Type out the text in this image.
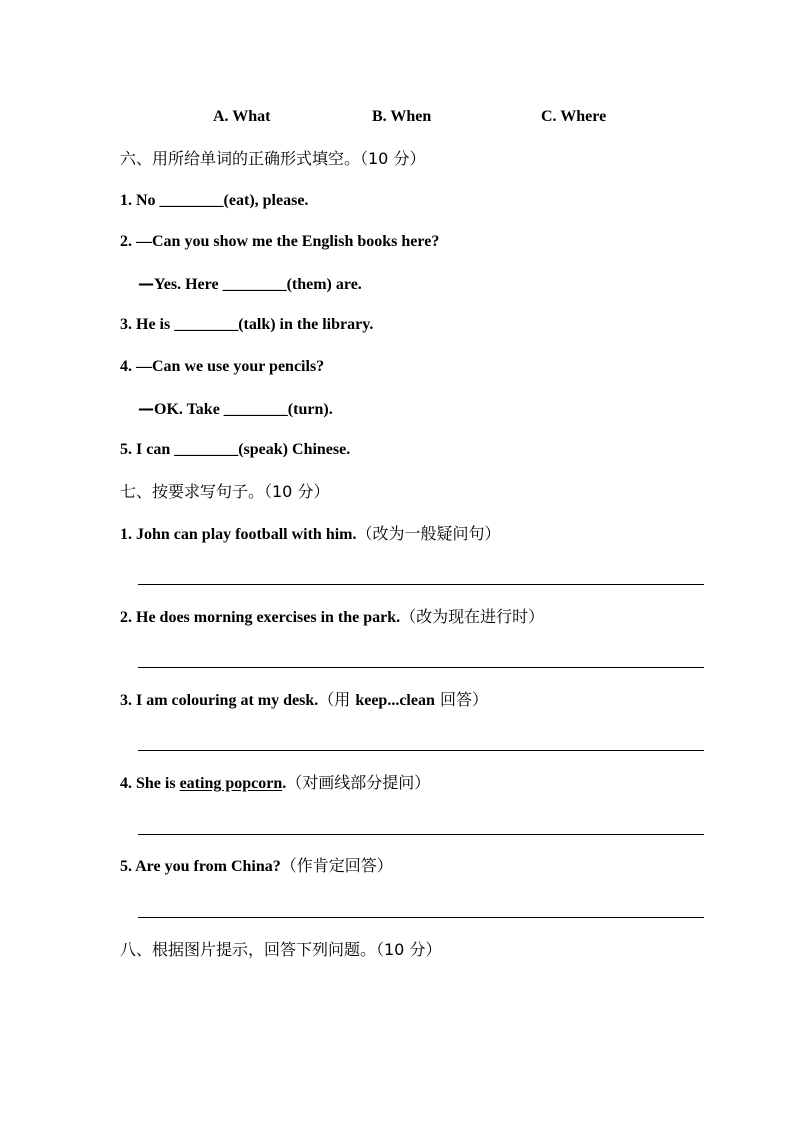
A. What	B. When	C. Where
六、用所给单词的正确形式填空。（10 分）
1. No ________(eat), please.
2. —Can you show me the English books here?
—Yes. Here ________(them) are.
3. He is ________(talk) in the library.
4. —Can we use your pencils?
—OK. Take ________(turn).
5. I can ________(speak) Chinese.
七、按要求写句子。（10 分）
1. John can play football with him.（改为一般疑问句）
2. He does morning exercises in the park.（改为现在进行时）
3. I am colouring at my desk.（用 keep...clean 回答）
4. She is eating popcorn.（对画线部分提问）
5. Are you from China?（作肯定回答）
八、根据图片提示，回答下列问题。（10 分）
